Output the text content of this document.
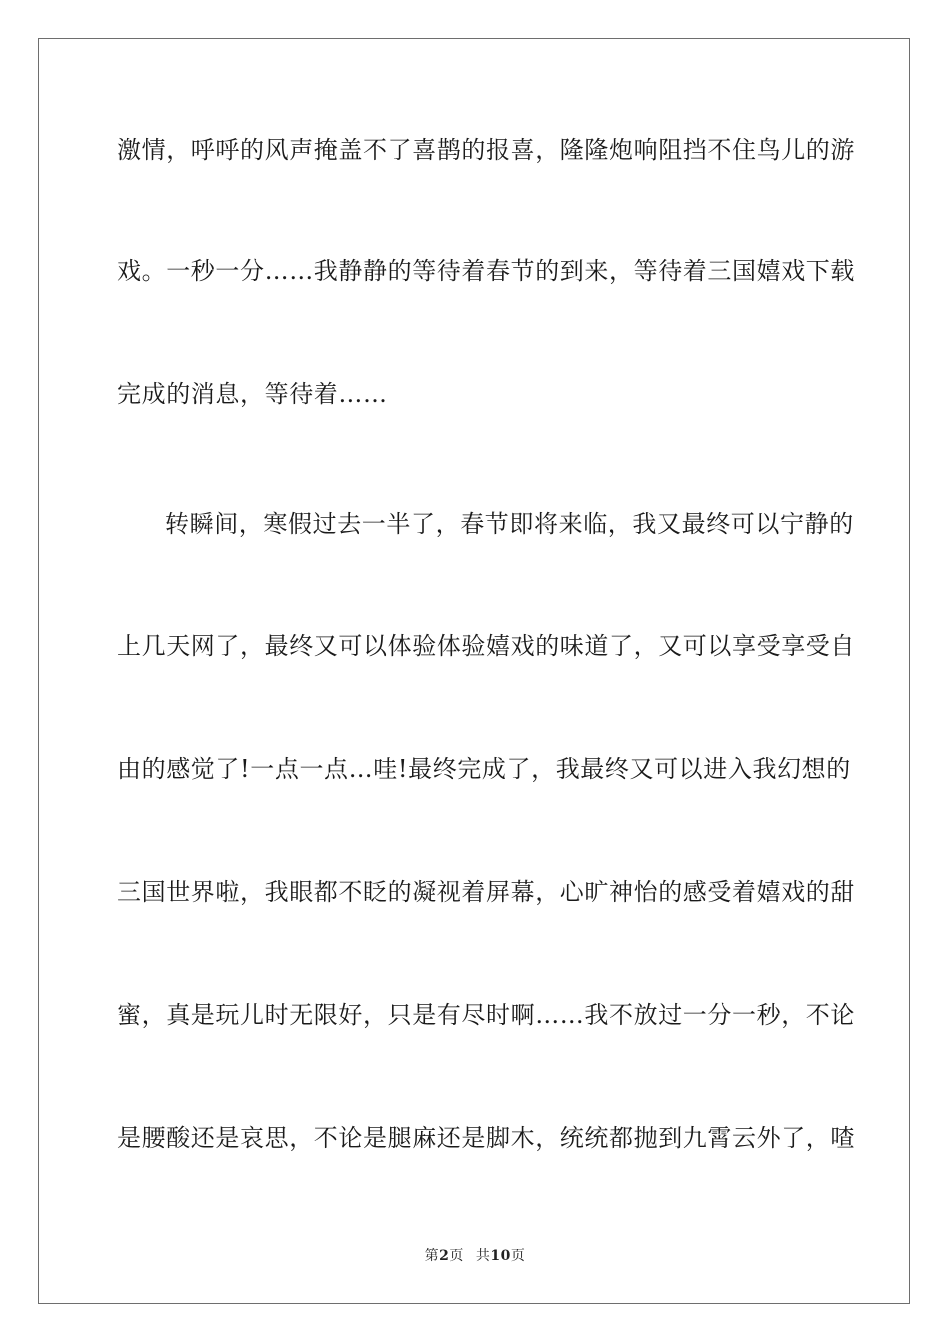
激情，呼呼的风声掩盖不了喜鹊的报喜，隆隆炮响阻挡不住鸟儿的游
戏。一秒一分……我静静的等待着春节的到来，等待着三国嬉戏下载
完成的消息，等待着……
转瞬间，寒假过去一半了，春节即将来临，我又最终可以宁静的
上几天网了，最终又可以体验体验嬉戏的味道了，又可以享受享受自
由的感觉了!一点一点…哇!最终完成了，我最终又可以进入我幻想的
三国世界啦，我眼都不眨的凝视着屏幕，心旷神怡的感受着嬉戏的甜
蜜，真是玩儿时无限好，只是有尽时啊……我不放过一分一秒，不论
是腰酸还是哀思，不论是腿麻还是脚木，统统都抛到九霄云外了，喳
第2页 共10页
